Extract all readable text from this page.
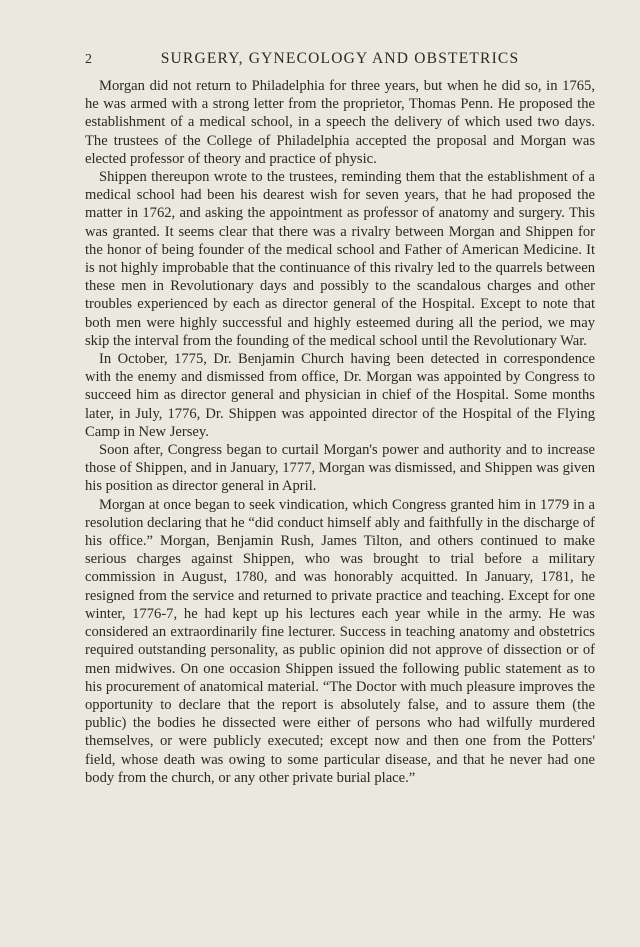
2	SURGERY, GYNECOLOGY AND OBSTETRICS

Morgan did not return to Philadelphia for three years, but when he did so, in 1765, he was armed with a strong letter from the proprietor, Thomas Penn. He proposed the establishment of a medical school, in a speech the delivery of which used two days. The trustees of the College of Philadelphia accepted the proposal and Morgan was elected professor of theory and practice of physic.

Shippen thereupon wrote to the trustees, reminding them that the establishment of a medical school had been his dearest wish for seven years, that he had proposed the matter in 1762, and asking the appointment as professor of anatomy and surgery. This was granted. It seems clear that there was a rivalry between Morgan and Shippen for the honor of being founder of the medical school and Father of American Medicine. It is not highly improbable that the continuance of this rivalry led to the quarrels between these men in Revolutionary days and possibly to the scandalous charges and other troubles experienced by each as director general of the Hospital. Except to note that both men were highly successful and highly esteemed during all the period, we may skip the interval from the founding of the medical school until the Revolutionary War.

In October, 1775, Dr. Benjamin Church having been detected in correspondence with the enemy and dismissed from office, Dr. Morgan was appointed by Congress to succeed him as director general and physician in chief of the Hospital. Some months later, in July, 1776, Dr. Shippen was appointed director of the Hospital of the Flying Camp in New Jersey.

Soon after, Congress began to curtail Morgan's power and authority and to increase those of Shippen, and in January, 1777, Morgan was dismissed, and Shippen was given his position as director general in April.

Morgan at once began to seek vindication, which Congress granted him in 1779 in a resolution declaring that he “did conduct himself ably and faithfully in the discharge of his office.” Morgan, Benjamin Rush, James Tilton, and others continued to make serious charges against Shippen, who was brought to trial before a military commission in August, 1780, and was honorably acquitted. In January, 1781, he resigned from the service and returned to private practice and teaching. Except for one winter, 1776-7, he had kept up his lectures each year while in the army. He was considered an extraordinarily fine lecturer. Success in teaching anatomy and obstetrics required outstanding personality, as public opinion did not approve of dissection or of men midwives. On one occasion Shippen issued the following public statement as to his procurement of anatomical material. “The Doctor with much pleasure improves the opportunity to declare that the report is absolutely false, and to assure them (the public) the bodies he dissected were either of persons who had wilfully murdered themselves, or were publicly executed; except now and then one from the Potters' field, whose death was owing to some particular disease, and that he never had one body from the church, or any other private burial place.”
